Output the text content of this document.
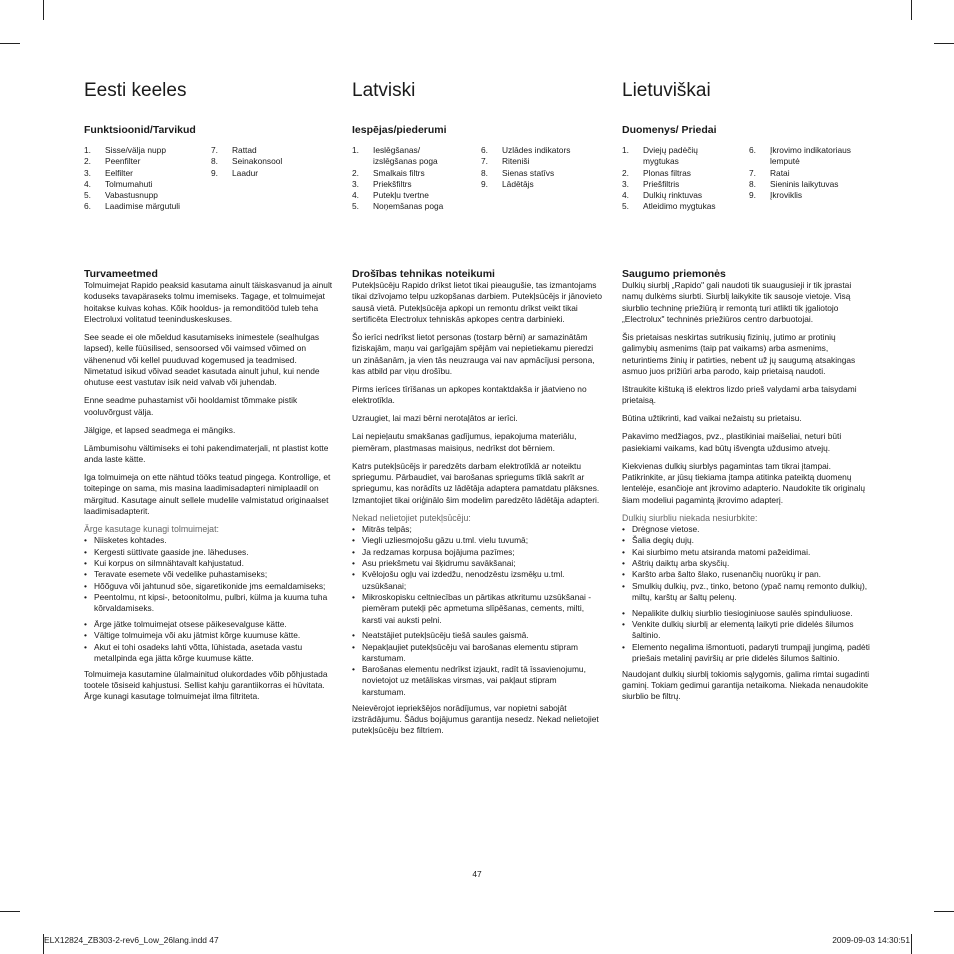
Eesti keeles
Funktsioonid/Tarvikud
1. Sisse/välja nupp
2. Peenfilter
3. Eelfilter
4. Tolmumahuti
5. Vabastusnupp
6. Laadimise märgutuli
7. Rattad
8. Seinakonsool
9. Laadur
Turvameetmed

Tolmuimejat Rapido peaksid kasutama ainult täiskasvanud ja ainult koduseks tavapäraseks tolmu imemiseks. Tagage, et tolmuimejat hoitakse kuivas kohas. Kõik hooldus- ja remonditööd tuleb teha Electroluxi volitatud teeninduskeskuses.

See seade ei ole mõeldud kasutamiseks inimestele (sealhulgas lapsed), kelle füüsilised, sensoorsed või vaimsed võimed on vähenenud või kellel puuduvad kogemused ja teadmised. Nimetatud isikud võivad seadet kasutada ainult juhul, kui nende ohutuse eest vastutav isik neid valvab või juhendab.

Enne seadme puhastamist või hooldamist tõmmake pistik vooluvõrgust välja.

Jälgige, et lapsed seadmega ei mängiks.

Lämbumisohu vältimiseks ei tohi pakendimaterjali, nt plastist kotte anda laste kätte.

Iga tolmuimeja on ette nähtud tööks teatud pingega. Kontrollige, et toitepinge on sama, mis masina laadimisadapteri nimiplaadil on märgitud. Kasutage ainult sellele mudelile valmistatud originaalset laadimisadapterit.

Ärge kasutage kunagi tolmuimejat:

• Niisketes kohtades.
• Kergesti süttivate gaaside jne. läheduses.
• Kui korpus on silmnähtavalt kahjustatud.
• Teravate esemete või vedelike puhastamiseks;
• Hõõguva või jahtunud söe, sigaretikonide jms eemaldamiseks;
• Peentolmu, nt kipsi-, betoonitolmu, pulbri, külma ja kuuma tuha kõrvaldamiseks.
• Ärge jätke tolmuimejat otsese päikesevalguse kätte.
• Vältige tolmuimeja või aku jätmist kõrge kuumuse kätte.
• Akut ei tohi osadeks lahti võtta, lühistada, asetada vastu metallpinda ega jätta kõrge kuumuse kätte.

Tolmuimeja kasutamine ülalmainitud olukordades võib põhjustada tootele tõsiseid kahjustusi. Sellist kahju garantiikorras ei hüvitata. Ärge kunagi kasutage tolmuimejat ilma filtriteta.

Latviski
Iespējas/piederumi
1. Ieslēgšanas/ izslēgšanas poga
2. Smalkais filtrs
3. Priekšfiltrs
4. Putekļu tvertne
5. Noņemšanas poga
6. Uzlādes indikators
7. Riteniši
8. Sienas statīvs
9. Lādētājs
Drošības tehnikas noteikumi

Putekļsūcēju Rapido drīkst lietot tikai pieaugušie, tas izmantojams tikai dzīvojamo telpu uzkopšanas darbiem. Putekļsūcējs ir jānovieto sausā vietā. Putekļsūcēja apkopi un remontu drīkst veikt tikai sertificēta Electrolux tehniskās apkopes centra darbinieki.

Šo ierīci nedrīkst lietot personas (tostarp bērni) ar samazinātām fiziskajām, maņu vai garīgajām spējām vai nepietiekamu pieredzi un zināšanām, ja vien tās neuzrauga vai nav apmācījusi persona, kas atbild par viņu drošību.

Pirms ierīces tīrīšanas un apkopes kontaktdakša ir jāatvieno no elektrotīkla.

Uzraugiet, lai mazi bērni nerotaļātos ar ierīci.

Lai nepieļautu smakšanas gadījumus, iepakojuma materiālu, piemēram, plastmasas maisiņus, nedrīkst dot bērniem.

Katrs putekļsūcējs ir paredzēts darbam elektrotīklā ar noteiktu spriegumu. Pārbaudiet, vai barošanas spriegums tīklā sakrīt ar spriegumu, kas norādīts uz lādētāja adaptera pamatdatu plāksnes. Izmantojiet tikai oriģinālo šim modelim paredzēto lādētāja adapteri.

Nekad nelietojiet putekļsūcēju:

• Mitrās telpās;
• Viegli uzliesmojošu gāzu u.tml. vielu tuvumā;
• Ja redzamas korpusa bojājuma pazīmes;
• Asu priekšmetu vai šķidrumu savākšanai;
• Kvēlojošu ogļu vai izdedžu, nenodzēstu izsmēķu u.tml. uzsūkšanai;
• Mikroskopisku celtniecības un pārtikas atkritumu uzsūkšanai - piemēram putekļi pēc apmetuma slīpēšanas, cements, milti, karsti vai auksti pelni.
• Neatstājiet putekļsūcēju tiešā saules gaismā.
• Nepakļaujiet putekļsūcēju vai barošanas elementu stipram karstumam.
• Barošanas elementu nedrīkst izjaukt, radīt tā īssavienojumu, novietojot uz metāliskas virsmas, vai pakļaut stipram karstumam.

Neievērojot iepriekšējos norādījumus, var nopietni sabojāt izstrādājumu. Šādus bojājumus garantija nesedz. Nekad nelietojiet putekļsūcēju bez filtriem.

Lietuviškai
Duomenys/ Priedai
1. Dviejų padėčių mygtukas
2. Plonas filtras
3. Priešfiltris
4. Dulkių rinktuvas
5. Atleidimo mygtukas
6. Įkrovimo indikatoriaus lemputė
7. Ratai
8. Sieninis laikytuvas
9. Įkroviklis
Saugumo priemonės

Dulkių siurblį „Rapido" gali naudoti tik suaugusieji ir tik įprastai namų dulkėms siurbti. Siurblį laikykite tik sausoje vietoje. Visą siurblio techninę priežiūrą ir remontą turi atlikti tik įgaliotojo „Electrolux" techninės priežiūros centro darbuotojai.

Šis prietaisas neskirtas sutrikusių fizinių, jutimo ar protinių galimybių asmenims (taip pat vaikams) arba asmenims, neturintiems žinių ir patirties, nebent už jų saugumą atsakingas asmuo juos prižiūri arba parodo, kaip prietaisą naudoti.

Ištraukite kištuką iš elektros lizdo prieš valydami arba taisydami prietaisą.

Būtina užtikrinti, kad vaikai nežaistų su prietaisu.

Pakavimo medžiagos, pvz., plastikiniai maišeliai, neturi būti pasiekiami vaikams, kad būtų išvengta uždusimo atvejų.

Kiekvienas dulkių siurblys pagamintas tam tikrai įtampai. Patikrinkite, ar jūsų tiekiama įtampa atitinka pateiktą duomenų lentelėje, esančioje ant įkrovimo adapterio. Naudokite tik originalų šiam modeliui pagamintą įkrovimo adapterį.

Dulkių siurbliu niekada nesiurbkite:

• Drėgnose vietose.
• Šalia degių dujų.
• Kai siurbimo metu atsiranda matomi pažeidimai.
• Aštrių daiktų arba skysčių.
• Karšto arba šalto šlako, rusenančių nuorūkų ir pan.
• Smulkių dulkių, pvz., tinko, betono (ypač namų remonto dulkių), miltų, karštų ar šaltų pelenų.
• Nepalikite dulkių siurblio tiesioginiuose saulės spinduliuose.
• Venkite dulkių siurblį ar elementą laikyti prie didelės šilumos šaltinio.
• Elemento negalima išmontuoti, padaryti trumpąjį jungimą, padėti priešais metalinį paviršių ar prie didelės šilumos šaltinio.

Naudojant dulkių siurblį tokiomis sąlygomis, galima rimtai sugadinti gaminį. Tokiam gedimui garantija netaikoma. Niekada nenaudokite siurblio be filtrų.

47
ELX12824_ZB303-2-rev6_Low_26lang.indd 47	2009-09-03 14:30:51
